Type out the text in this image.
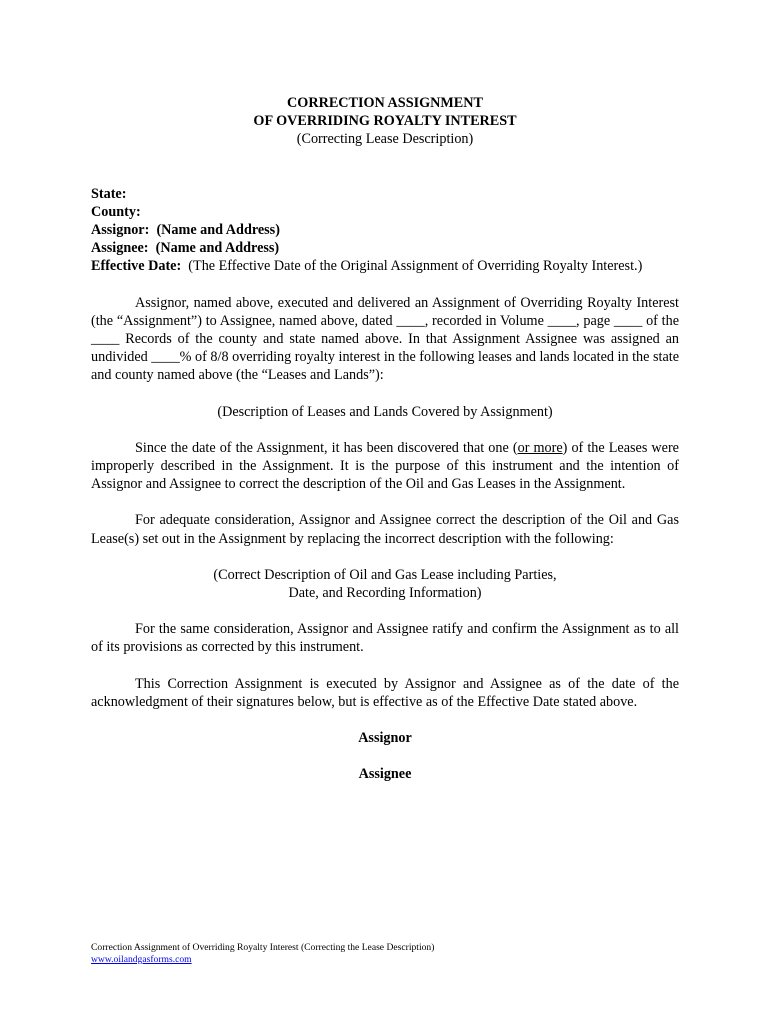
CORRECTION ASSIGNMENT
OF OVERRIDING ROYALTY INTEREST
(Correcting Lease Description)
State:
County:
Assignor: (Name and Address)
Assignee: (Name and Address)
Effective Date: (The Effective Date of the Original Assignment of Overriding Royalty Interest.)

Assignor, named above, executed and delivered an Assignment of Overriding Royalty Interest (the “Assignment”) to Assignee, named above, dated ____, recorded in Volume ____, page ____ of the ____ Records of the county and state named above. In that Assignment Assignee was assigned an undivided ____% of 8/8 overriding royalty interest in the following leases and lands located in the state and county named above (the “Leases and Lands”):

(Description of Leases and Lands Covered by Assignment)

Since the date of the Assignment, it has been discovered that one (or more) of the Leases were improperly described in the Assignment. It is the purpose of this instrument and the intention of Assignor and Assignee to correct the description of the Oil and Gas Leases in the Assignment.

For adequate consideration, Assignor and Assignee correct the description of the Oil and Gas Lease(s) set out in the Assignment by replacing the incorrect description with the following:

(Correct Description of Oil and Gas Lease including Parties,
Date, and Recording Information)

For the same consideration, Assignor and Assignee ratify and confirm the Assignment as to all of its provisions as corrected by this instrument.

This Correction Assignment is executed by Assignor and Assignee as of the date of the acknowledgment of their signatures below, but is effective as of the Effective Date stated above.

Assignor

Assignee

Correction Assignment of Overriding Royalty Interest (Correcting the Lease Description)
www.oilandgasforms.com
